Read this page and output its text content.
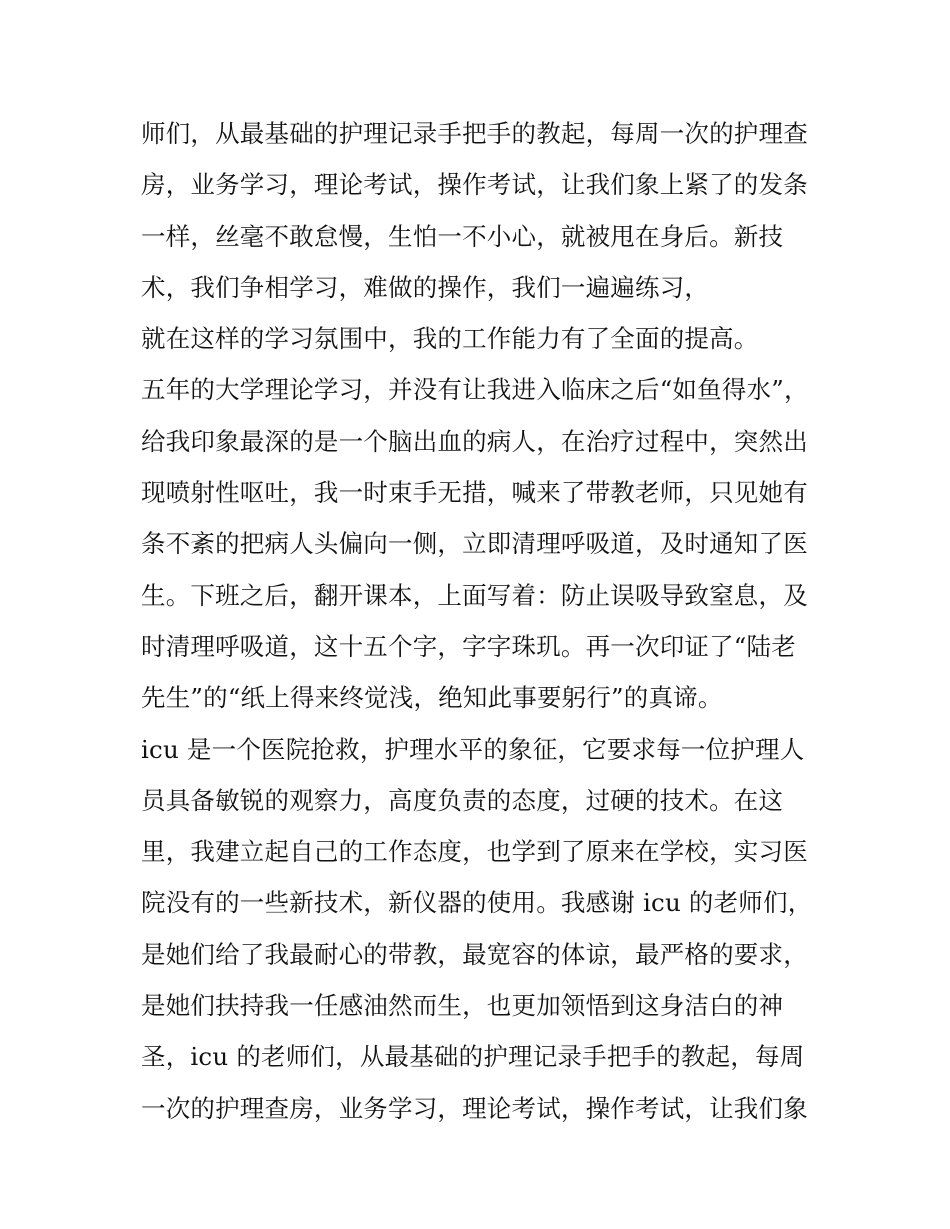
师们，从最基础的护理记录手把手的教起，每周一次的护理查
房，业务学习，理论考试，操作考试，让我们象上紧了的发条
一样，丝毫不敢怠慢，生怕一不小心，就被甩在身后。新技
术，我们争相学习，难做的操作，我们一遍遍练习，
就在这样的学习氛围中，我的工作能力有了全面的提高。
五年的大学理论学习，并没有让我进入临床之后“如鱼得水”，
给我印象最深的是一个脑出血的病人，在治疗过程中，突然出
现喷射性呕吐，我一时束手无措，喊来了带教老师，只见她有
条不紊的把病人头偏向一侧，立即清理呼吸道，及时通知了医
生。下班之后，翻开课本，上面写着：防止误吸导致窒息，及
时清理呼吸道，这十五个字，字字珠玑。再一次印证了“陆老
先生”的“纸上得来终觉浅，绝知此事要躬行”的真谛。
icu 是一个医院抢救，护理水平的象征，它要求每一位护理人
员具备敏锐的观察力，高度负责的态度，过硬的技术。在这
里，我建立起自己的工作态度，也学到了原来在学校，实习医
院没有的一些新技术，新仪器的使用。我感谢 icu 的老师们，
是她们给了我最耐心的带教，最宽容的体谅，最严格的要求，
是她们扶持我一任感油然而生，也更加领悟到这身洁白的神
圣，icu 的老师们，从最基础的护理记录手把手的教起，每周
一次的护理查房，业务学习，理论考试，操作考试，让我们象
